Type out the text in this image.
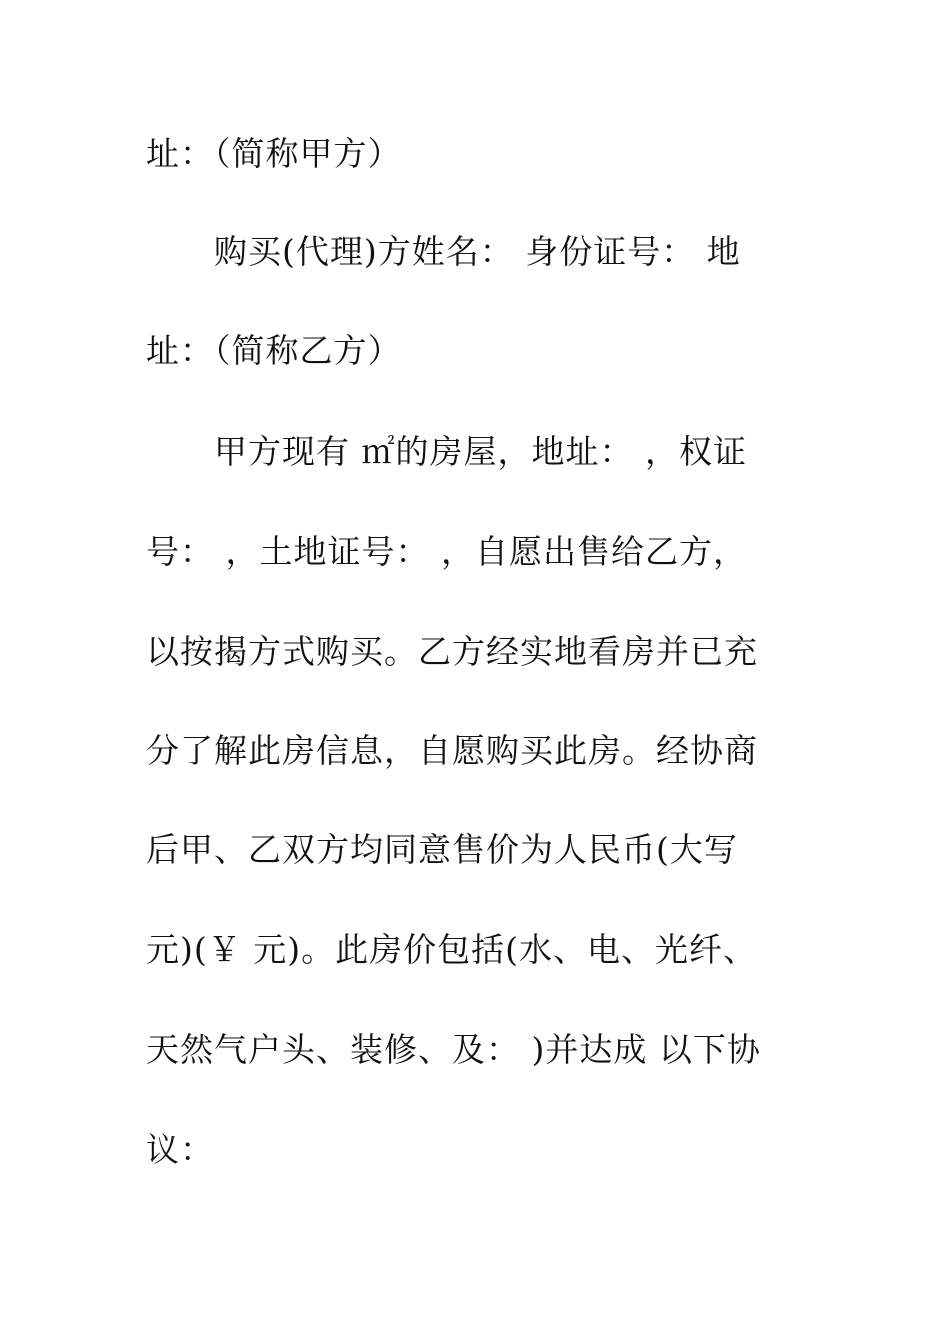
址：（简称甲方）
购买(代理)方姓名： 身份证号： 地
址：（简称乙方）
甲方现有 ㎡的房屋，地址： ，权证
号： ，土地证号： ，自愿出售给乙方，
以按揭方式购买。乙方经实地看房并已充
分了解此房信息，自愿购买此房。经协商
后甲、乙双方均同意售价为人民币(大写
元)(￥ 元)。此房价包括(水、电、光纤、
天然气户头、装修、及： )并达成 以下协
议：
